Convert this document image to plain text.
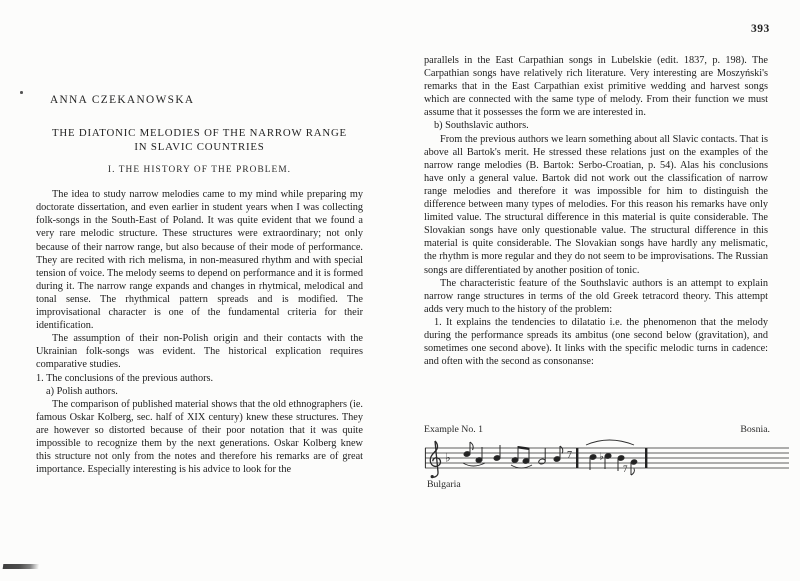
393
ANNA CZEKANOWSKA
THE DIATONIC MELODIES OF THE NARROW RANGE
IN SLAVIC COUNTRIES
I. THE HISTORY OF THE PROBLEM.

The idea to study narrow melodies came to my mind while preparing my doctorate dissertation, and even earlier in student years when I was collecting folk-songs in the South-East of Poland. It was quite evident that we found a very rare melodic structure. These structures were extraordinary; not only because of their narrow range, but also because of their mode of performance. They are recited with rich melisma, in non-measured rhythm and with special tension of voice. The melody seems to depend on performance and it is formed during it. The narrow range expands and changes in rhytmical, melodical and tonal sense. The rhythmical pattern spreads and is modified. The improvisational character is one of the fundamental criteria for their identification.

The assumption of their non-Polish origin and their contacts with the Ukrainian folk-songs was evident. The historical explication requires comparative studies.

1. The conclusions of the previous authors.

a) Polish authors.

The comparison of published material shows that the old ethnographers (ie. famous Oskar Kolberg, sec. half of XIX century) knew these structures. They are however so distorted because of their poor notation that it was quite impossible to recognize them by the next generations. Oskar Kolberg knew this structure not only from the notes and therefore his remarks are of great importance. Especially interesting is his advice to look for the

parallels in the East Carpathian songs in Lubelskie (edit. 1837, p. 198). The Carpathian songs have relatively rich literature. Very interesting are Moszyński's remarks that in the East Carpathian exist primitive wedding and harvest songs which are connected with the same type of melody. From their function we must assume that it possesses the form we are interested in.

b) Southslavic authors.

From the previous authors we learn something about all Slavic contacts. That is above all Bartok's merit. He stressed these relations just on the examples of the narrow range melodies (B. Bartok: Serbo-Croatian, p. 54). Alas his conclusions have only a general value. Bartok did not work out the classification of narrow range melodies and therefore it was impossible for him to distinguish the difference between many types of melodies. For this reason his remarks have only limited value. The structural difference in this material is quite considerable. The Slovakian songs have only questionable value. The structural difference in this material is quite considerable. The Slovakian songs have hardly any melismatic, the rhythm is more regular and they do not seem to be improvisations. The Russian songs are differentiated by another position of tonic.

The characteristic feature of the Southslavic authors is an attempt to explain narrow range structures in terms of the old Greek tetracord theory. This attempt adds very much to the history of the problem:

1. It explains the tendencies to dilatatio i.e. the phenomenon that the melody during the performance spreads its ambitus (one second below (gravitation), and sometimes one second above). It links with the specific melodic turns in cadence: and often with the second as consonanse:

Example No. 1	Bosnia.
♭	7	♭
7
Bulgaria
